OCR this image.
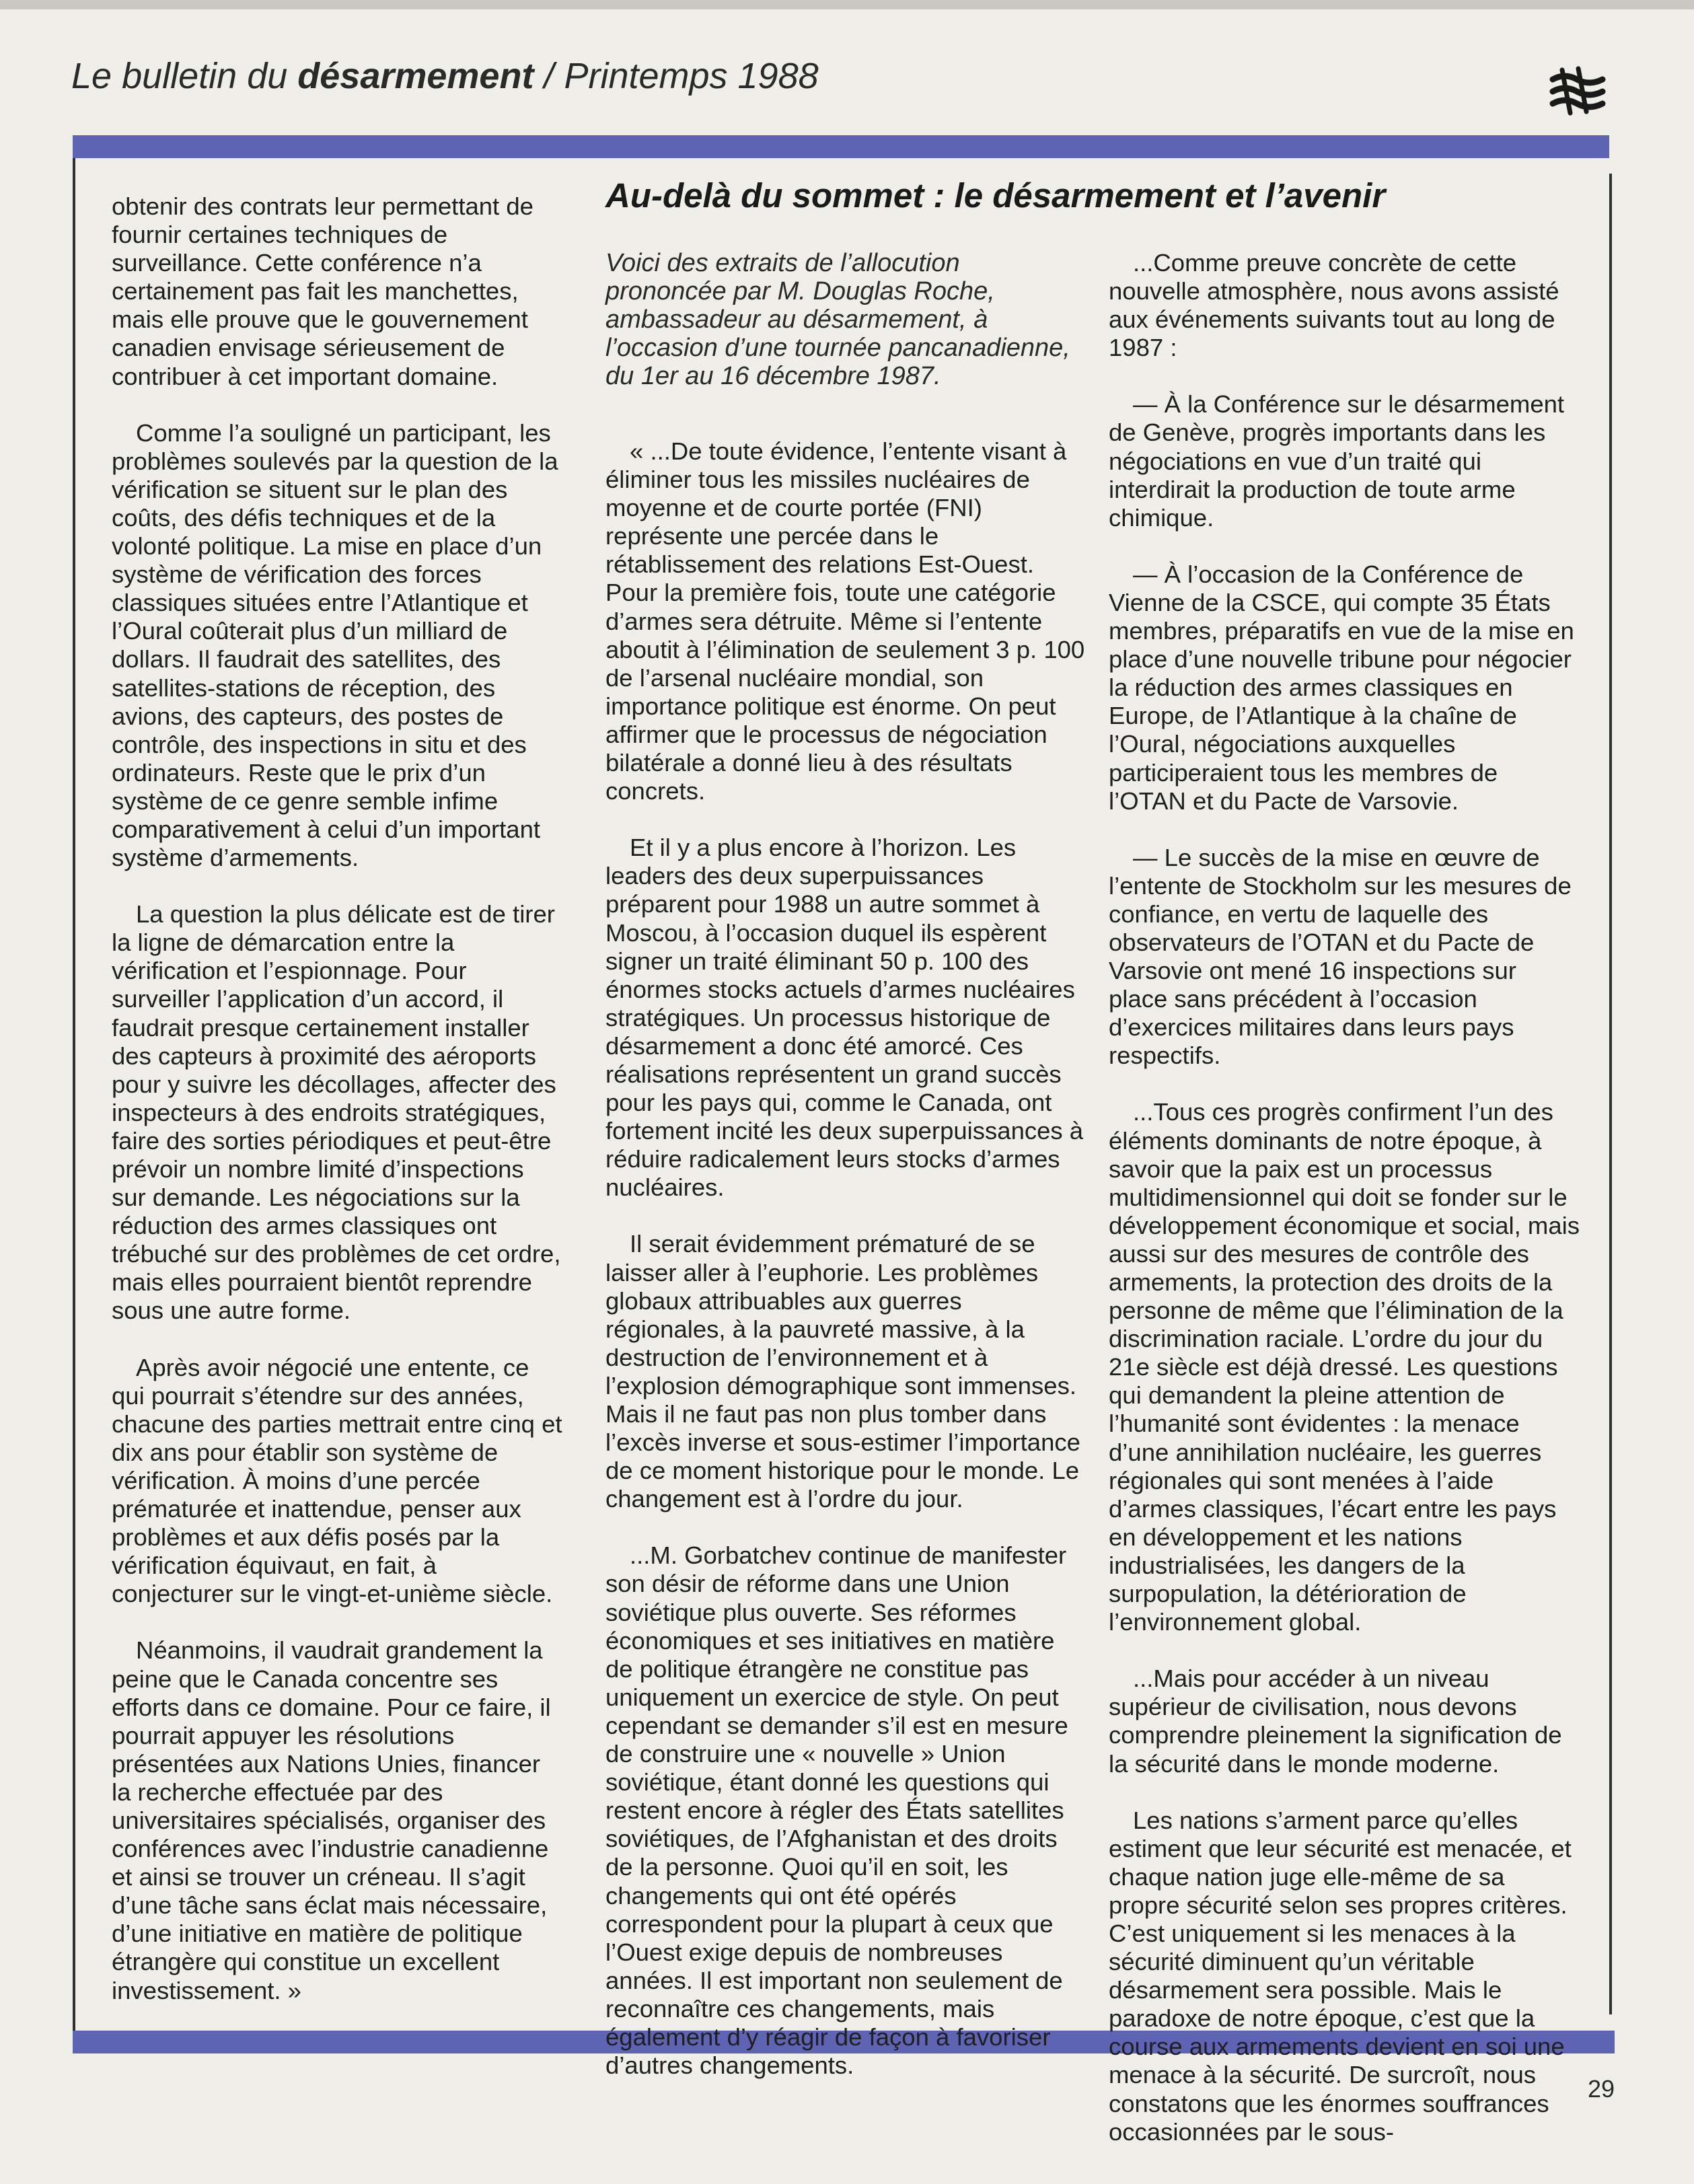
Le bulletin du désarmement / Printemps 1988

obtenir des contrats leur permettant de fournir certaines techniques de surveillance. Cette conférence n’a certainement pas fait les manchettes, mais elle prouve que le gouvernement canadien envisage sérieusement de contribuer à cet important domaine.

Comme l’a souligné un participant, les problèmes soulevés par la question de la vérification se situent sur le plan des coûts, des défis techniques et de la volonté politique. La mise en place d’un système de vérification des forces classiques situées entre l’Atlantique et l’Oural coûterait plus d’un milliard de dollars. Il faudrait des satellites, des satellites-stations de réception, des avions, des capteurs, des postes de contrôle, des inspections in situ et des ordinateurs. Reste que le prix d’un système de ce genre semble infime comparativement à celui d’un important système d’armements.

La question la plus délicate est de tirer la ligne de démarcation entre la vérification et l’espionnage. Pour surveiller l’application d’un accord, il faudrait presque certainement installer des capteurs à proximité des aéroports pour y suivre les décollages, affecter des inspecteurs à des endroits stratégiques, faire des sorties périodiques et peut-être prévoir un nombre limité d’inspections sur demande. Les négociations sur la réduction des armes classiques ont trébuché sur des problèmes de cet ordre, mais elles pourraient bientôt reprendre sous une autre forme.

Après avoir négocié une entente, ce qui pourrait s’étendre sur des années, chacune des parties mettrait entre cinq et dix ans pour établir son système de vérification. À moins d’une percée prématurée et inattendue, penser aux problèmes et aux défis posés par la vérification équivaut, en fait, à conjecturer sur le vingt-et-unième siècle.

Néanmoins, il vaudrait grandement la peine que le Canada concentre ses efforts dans ce domaine. Pour ce faire, il pourrait appuyer les résolutions présentées aux Nations Unies, financer la recherche effectuée par des universitaires spécialisés, organiser des conférences avec l’industrie canadienne et ainsi se trouver un créneau. Il s’agit d’une tâche sans éclat mais nécessaire, d’une initiative en matière de politique étrangère qui constitue un excellent investissement. »

Au-delà du sommet : le désarmement et l’avenir

Voici des extraits de l’allocution prononcée par M. Douglas Roche, ambassadeur au désarmement, à l’occasion d’une tournée pancanadienne, du 1er au 16 décembre 1987.

« ...De toute évidence, l’entente visant à éliminer tous les missiles nucléaires de moyenne et de courte portée (FNI) représente une percée dans le rétablissement des relations Est-Ouest. Pour la première fois, toute une catégorie d’armes sera détruite. Même si l’entente aboutit à l’élimination de seulement 3 p. 100 de l’arsenal nucléaire mondial, son importance politique est énorme. On peut affirmer que le processus de négociation bilatérale a donné lieu à des résultats concrets.

Et il y a plus encore à l’horizon. Les leaders des deux superpuissances préparent pour 1988 un autre sommet à Moscou, à l’occasion duquel ils espèrent signer un traité éliminant 50 p. 100 des énormes stocks actuels d’armes nucléaires stratégiques. Un processus historique de désarmement a donc été amorcé. Ces réalisations représentent un grand succès pour les pays qui, comme le Canada, ont fortement incité les deux superpuissances à réduire radicalement leurs stocks d’armes nucléaires.

Il serait évidemment prématuré de se laisser aller à l’euphorie. Les problèmes globaux attribuables aux guerres régionales, à la pauvreté massive, à la destruction de l’environnement et à l’explosion démographique sont immenses. Mais il ne faut pas non plus tomber dans l’excès inverse et sous-estimer l’importance de ce moment historique pour le monde. Le changement est à l’ordre du jour.

...M. Gorbatchev continue de manifester son désir de réforme dans une Union soviétique plus ouverte. Ses réformes économiques et ses initiatives en matière de politique étrangère ne constitue pas uniquement un exercice de style. On peut cependant se demander s’il est en mesure de construire une « nouvelle » Union soviétique, étant donné les questions qui restent encore à régler des États satellites soviétiques, de l’Afghanistan et des droits de la personne. Quoi qu’il en soit, les changements qui ont été opérés correspondent pour la plupart à ceux que l’Ouest exige depuis de nombreuses années. Il est important non seulement de reconnaître ces changements, mais également d’y réagir de façon à favoriser d’autres changements.

...Comme preuve concrète de cette nouvelle atmosphère, nous avons assisté aux événements suivants tout au long de 1987 :

— À la Conférence sur le désarmement de Genève, progrès importants dans les négociations en vue d’un traité qui interdirait la production de toute arme chimique.

— À l’occasion de la Conférence de Vienne de la CSCE, qui compte 35 États membres, préparatifs en vue de la mise en place d’une nouvelle tribune pour négocier la réduction des armes classiques en Europe, de l’Atlantique à la chaîne de l’Oural, négociations auxquelles participeraient tous les membres de l’OTAN et du Pacte de Varsovie.

— Le succès de la mise en œuvre de l’entente de Stockholm sur les mesures de confiance, en vertu de laquelle des observateurs de l’OTAN et du Pacte de Varsovie ont mené 16 inspections sur place sans précédent à l’occasion d’exercices militaires dans leurs pays respectifs.

...Tous ces progrès confirment l’un des éléments dominants de notre époque, à savoir que la paix est un processus multidimensionnel qui doit se fonder sur le développement économique et social, mais aussi sur des mesures de contrôle des armements, la protection des droits de la personne de même que l’élimination de la discrimination raciale. L’ordre du jour du 21e siècle est déjà dressé. Les questions qui demandent la pleine attention de l’humanité sont évidentes : la menace d’une annihilation nucléaire, les guerres régionales qui sont menées à l’aide d’armes classiques, l’écart entre les pays en développement et les nations industrialisées, les dangers de la surpopulation, la détérioration de l’environnement global.

...Mais pour accéder à un niveau supérieur de civilisation, nous devons comprendre pleinement la signification de la sécurité dans le monde moderne.

Les nations s’arment parce qu’elles estiment que leur sécurité est menacée, et chaque nation juge elle-même de sa propre sécurité selon ses propres critères. C’est uniquement si les menaces à la sécurité diminuent qu’un véritable désarmement sera possible. Mais le paradoxe de notre époque, c’est que la course aux armements devient en soi une menace à la sécurité. De surcroît, nous constatons que les énormes souffrances occasionnées par le sous-

29
